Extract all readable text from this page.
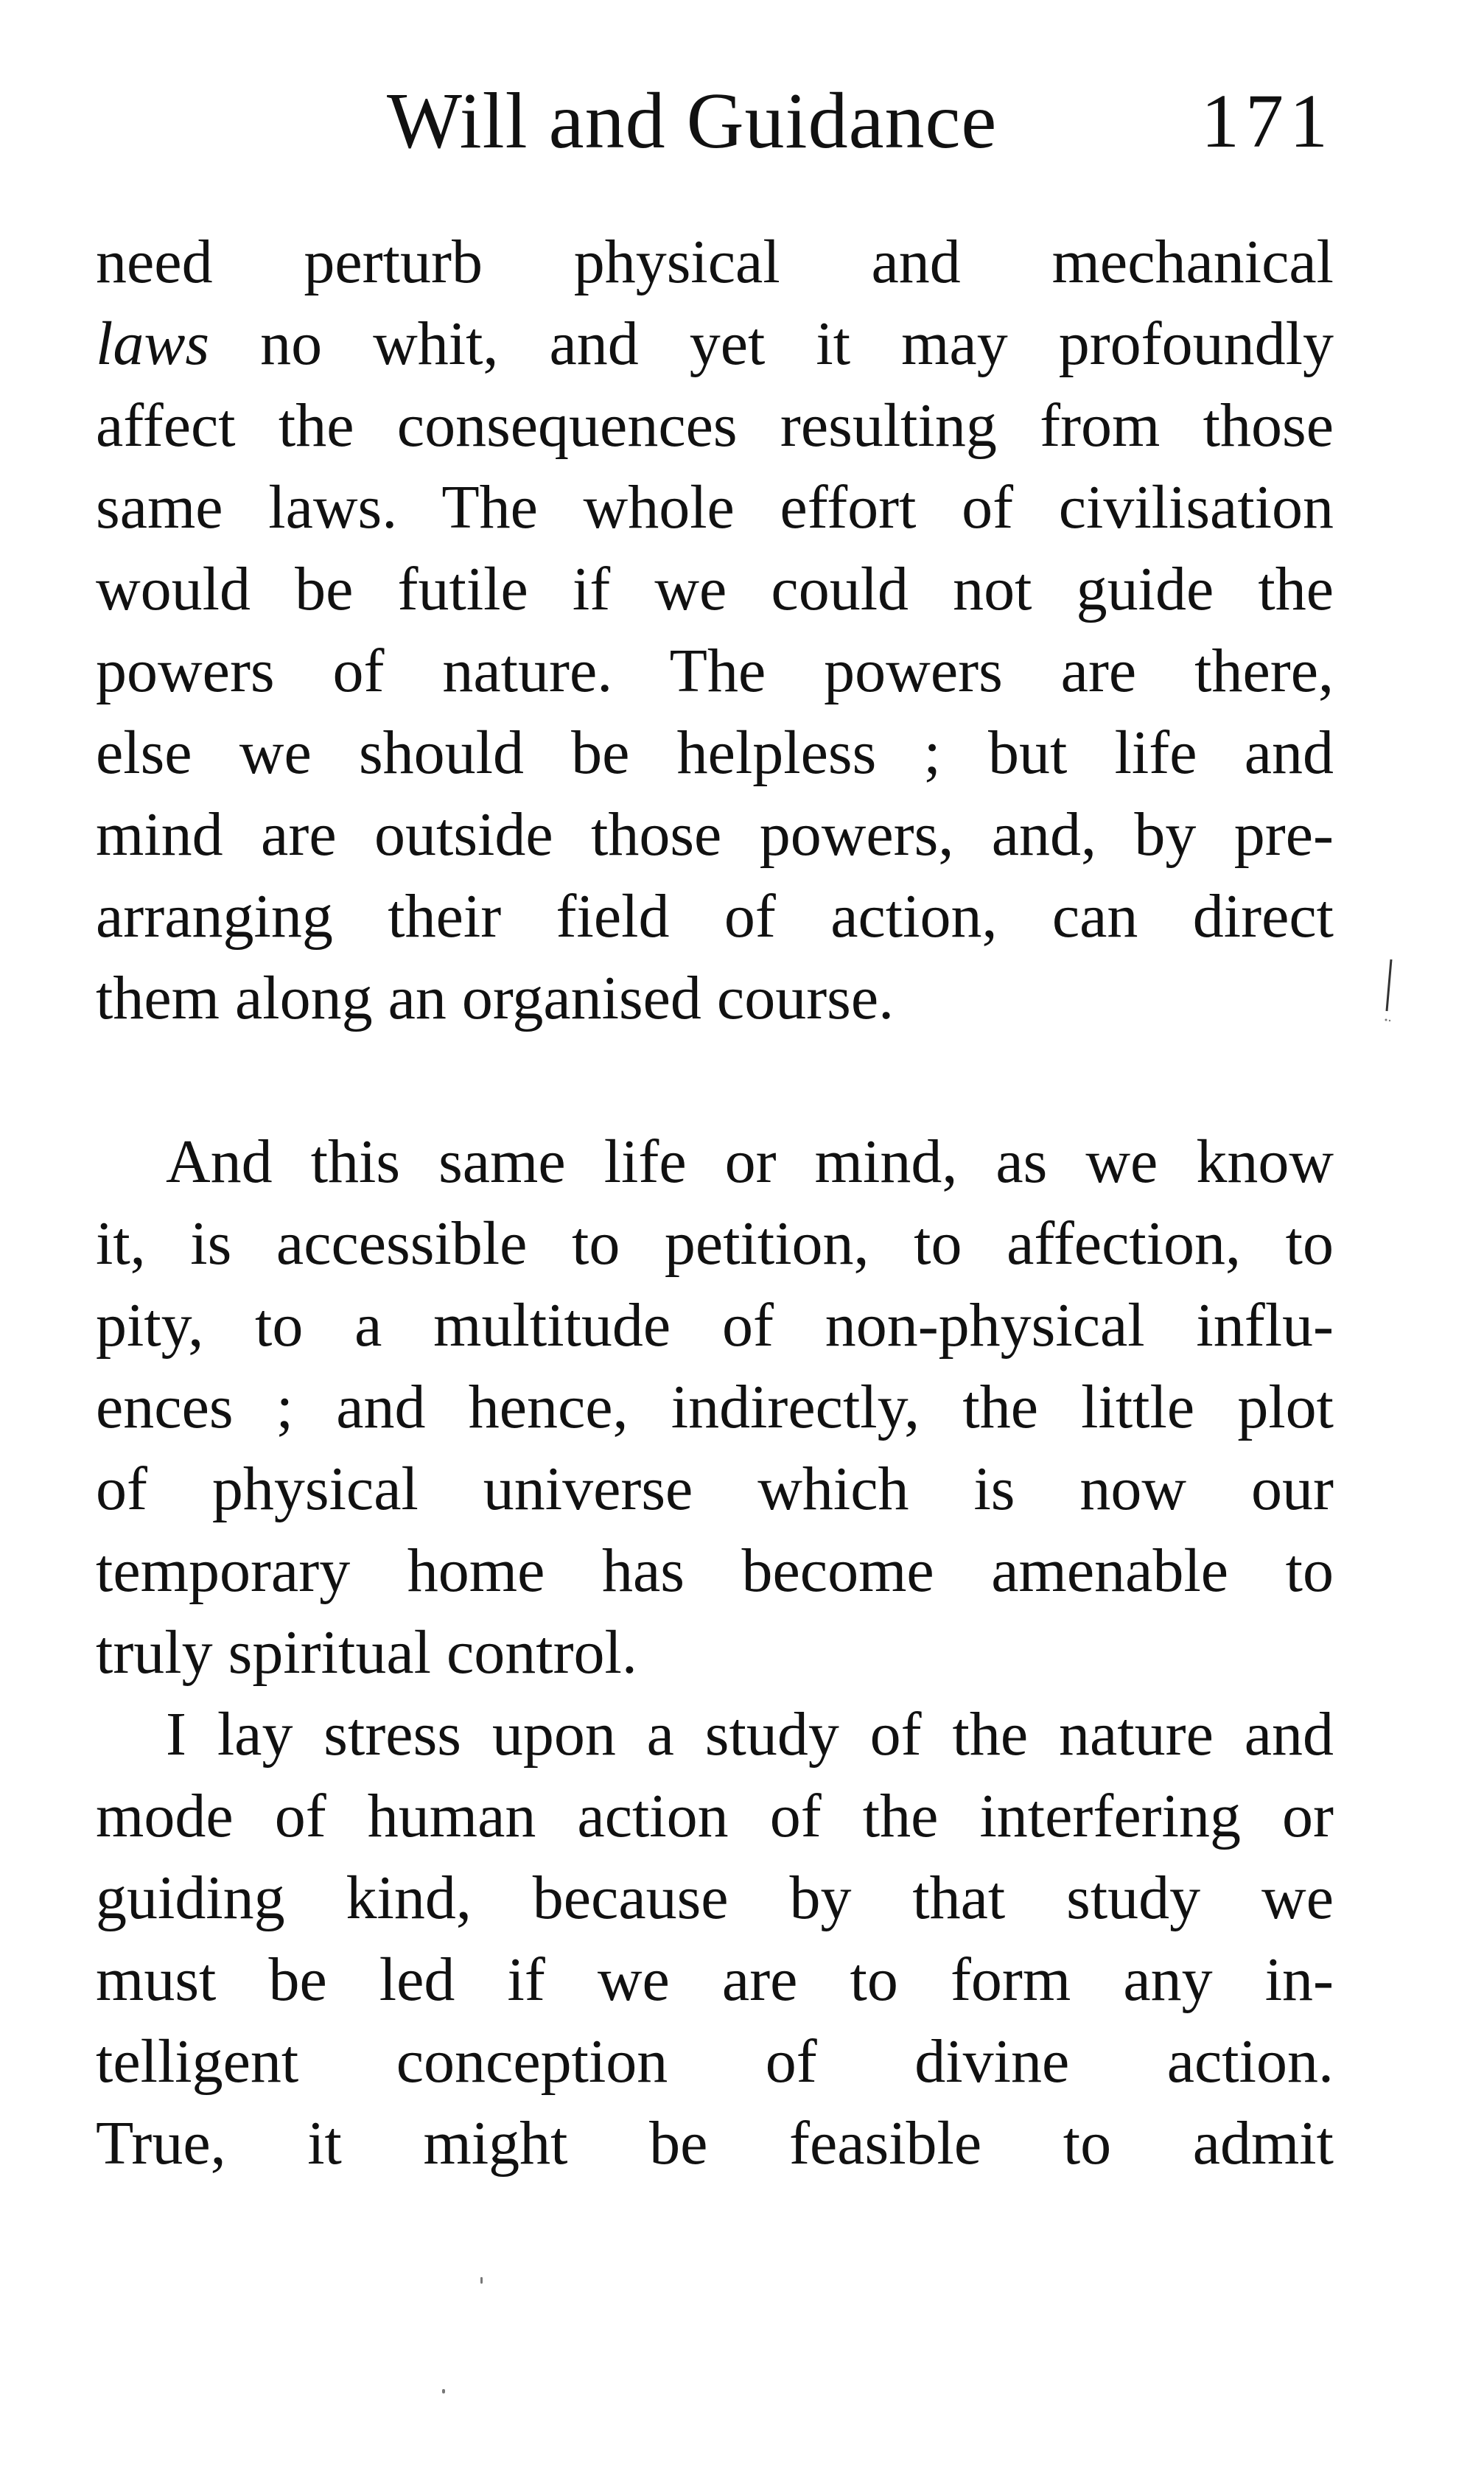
Will and Guidance	171
need perturb physical and mechanical
laws no whit, and yet it may profoundly
affect the consequences resulting from those
same laws. The whole effort of civilisation
would be futile if we could not guide the
powers of nature. The powers are there,
else we should be helpless ; but life and
mind are outside those powers, and, by pre-
arranging their field of action, can direct
them along an organised course.
And this same life or mind, as we know
it, is accessible to petition, to affection, to
pity, to a multitude of non-physical influ-
ences ; and hence, indirectly, the little plot
of physical universe which is now our
temporary home has become amenable to
truly spiritual control.
I lay stress upon a study of the nature and
mode of human action of the interfering or
guiding kind, because by that study we
must be led if we are to form any in-
telligent conception of divine action.
True, it might be feasible to admit
